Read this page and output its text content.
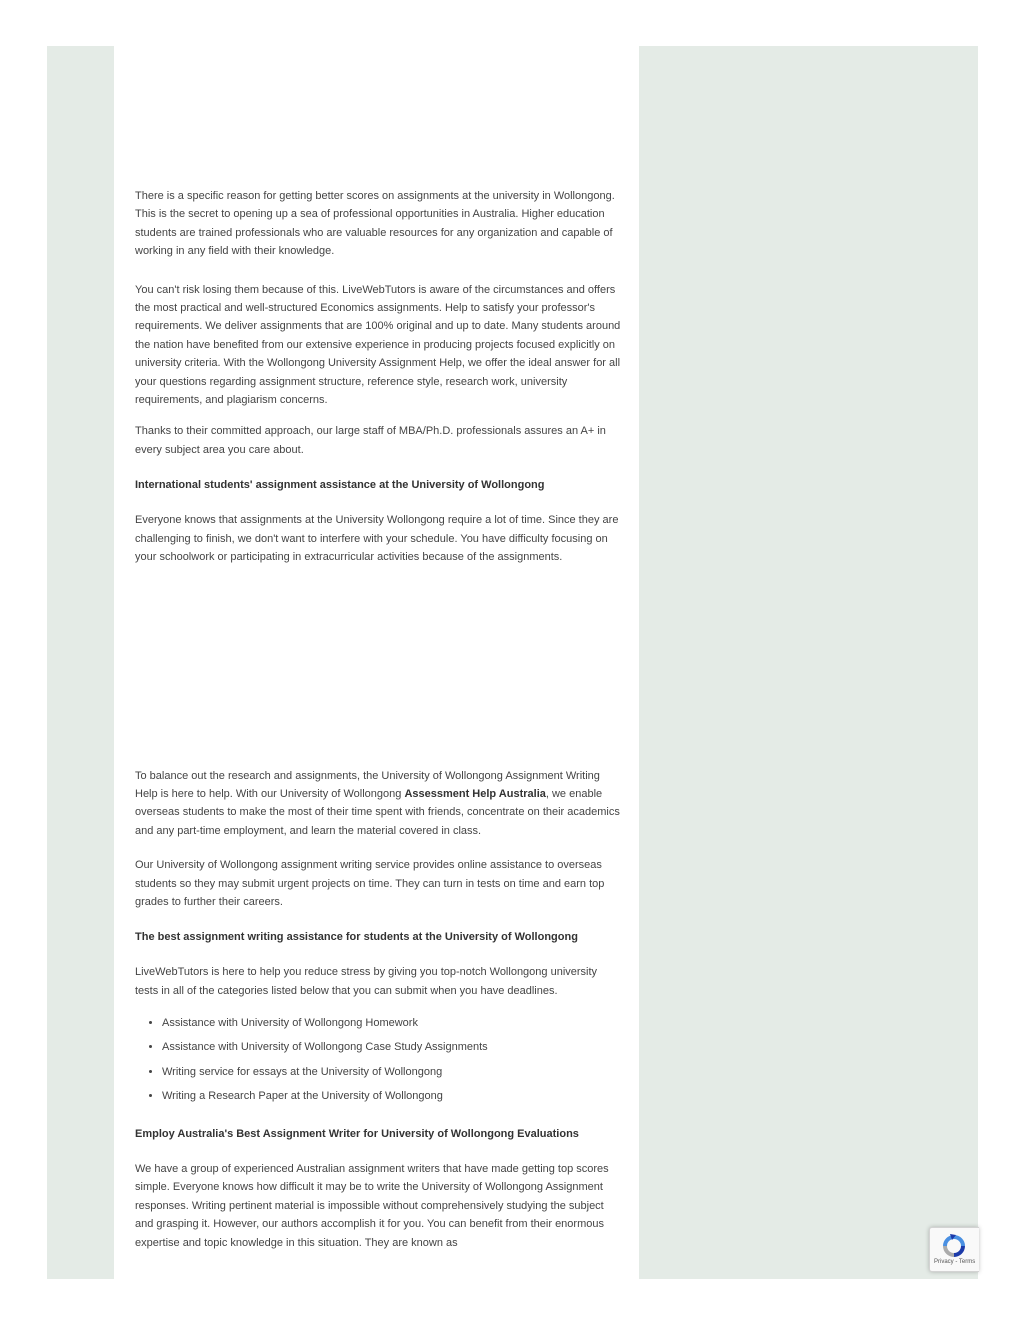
There is a specific reason for getting better scores on assignments at the university in Wollongong. This is the secret to opening up a sea of professional opportunities in Australia. Higher education students are trained professionals who are valuable resources for any organization and capable of working in any field with their knowledge.

You can't risk losing them because of this. LiveWebTutors is aware of the circumstances and offers the most practical and well-structured Economics assignments. Help to satisfy your professor's requirements. We deliver assignments that are 100% original and up to date. Many students around the nation have benefited from our extensive experience in producing projects focused explicitly on university criteria. With the Wollongong University Assignment Help, we offer the ideal answer for all your questions regarding assignment structure, reference style, research work, university requirements, and plagiarism concerns.

Thanks to their committed approach, our large staff of MBA/Ph.D. professionals assures an A+ in every subject area you care about.

International students' assignment assistance at the University of Wollongong

Everyone knows that assignments at the University Wollongong require a lot of time. Since they are challenging to finish, we don't want to interfere with your schedule. You have difficulty focusing on your schoolwork or participating in extracurricular activities because of the assignments.

To balance out the research and assignments, the University of Wollongong Assignment Writing Help is here to help. With our University of Wollongong Assessment Help Australia, we enable overseas students to make the most of their time spent with friends, concentrate on their academics and any part-time employment, and learn the material covered in class.

Our University of Wollongong assignment writing service provides online assistance to overseas students so they may submit urgent projects on time. They can turn in tests on time and earn top grades to further their careers.

The best assignment writing assistance for students at the University of Wollongong

LiveWebTutors is here to help you reduce stress by giving you top-notch Wollongong university tests in all of the categories listed below that you can submit when you have deadlines.

• Assistance with University of Wollongong Homework
• Assistance with University of Wollongong Case Study Assignments
• Writing service for essays at the University of Wollongong
• Writing a Research Paper at the University of Wollongong
Employ Australia's Best Assignment Writer for University of Wollongong Evaluations

We have a group of experienced Australian assignment writers that have made getting top scores simple. Everyone knows how difficult it may be to write the University of Wollongong Assignment responses. Writing pertinent material is impossible without comprehensively studying the subject and grasping it. However, our authors accomplish it for you. You can benefit from their enormous expertise and topic knowledge in this situation. They are known as

Privacy - Terms
